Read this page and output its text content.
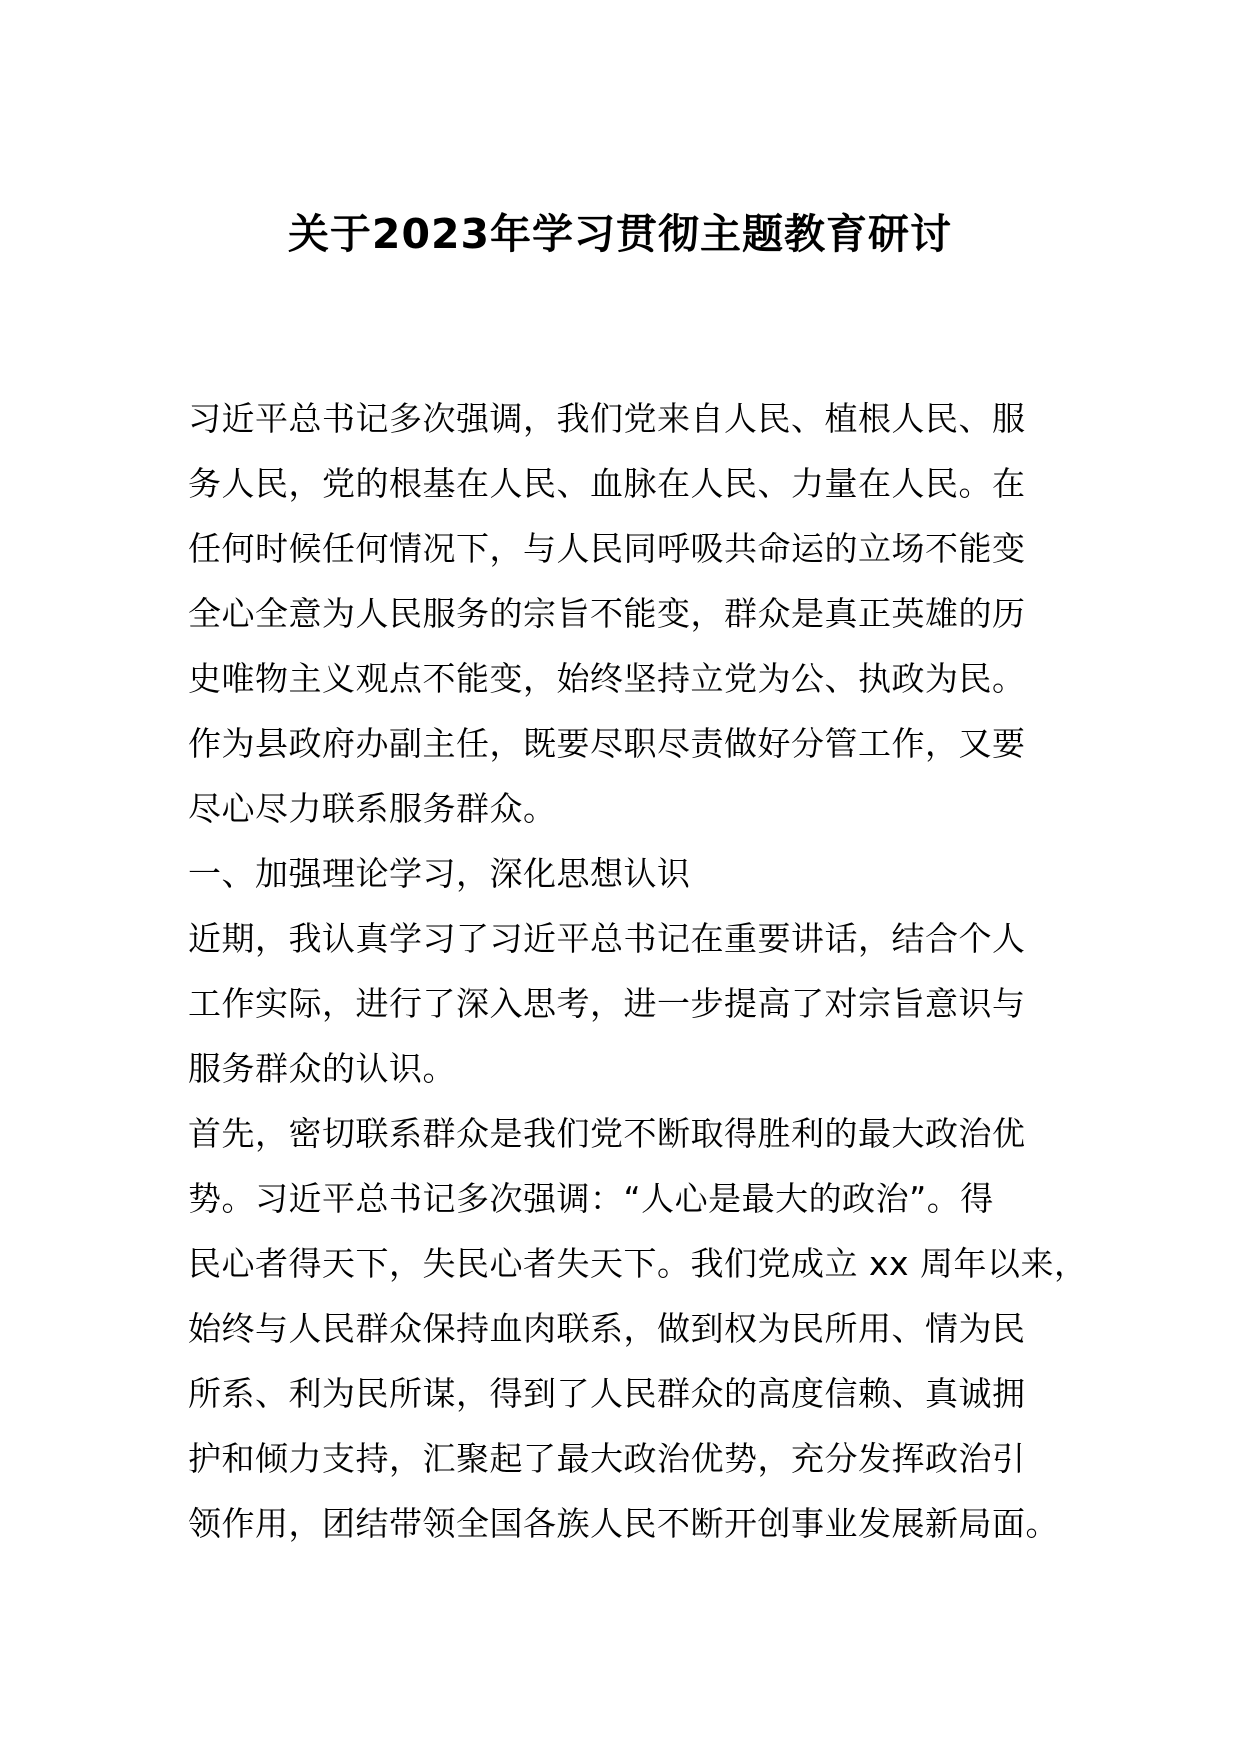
关于2023年学习贯彻主题教育研讨
习近平总书记多次强调，我们党来自人民、植根人民、服
务人民，党的根基在人民、血脉在人民、力量在人民。在
任何时候任何情况下，与人民同呼吸共命运的立场不能变
全心全意为人民服务的宗旨不能变，群众是真正英雄的历
史唯物主义观点不能变，始终坚持立党为公、执政为民。
作为县政府办副主任，既要尽职尽责做好分管工作，又要
尽心尽力联系服务群众。
一、加强理论学习，深化思想认识
近期，我认真学习了习近平总书记在重要讲话，结合个人
工作实际，进行了深入思考，进一步提高了对宗旨意识与
服务群众的认识。
首先，密切联系群众是我们党不断取得胜利的最大政治优
势。习近平总书记多次强调：“人心是最大的政治”。得
民心者得天下，失民心者失天下。我们党成立 xx 周年以来，
始终与人民群众保持血肉联系，做到权为民所用、情为民
所系、利为民所谋，得到了人民群众的高度信赖、真诚拥
护和倾力支持，汇聚起了最大政治优势，充分发挥政治引
领作用，团结带领全国各族人民不断开创事业发展新局面。
